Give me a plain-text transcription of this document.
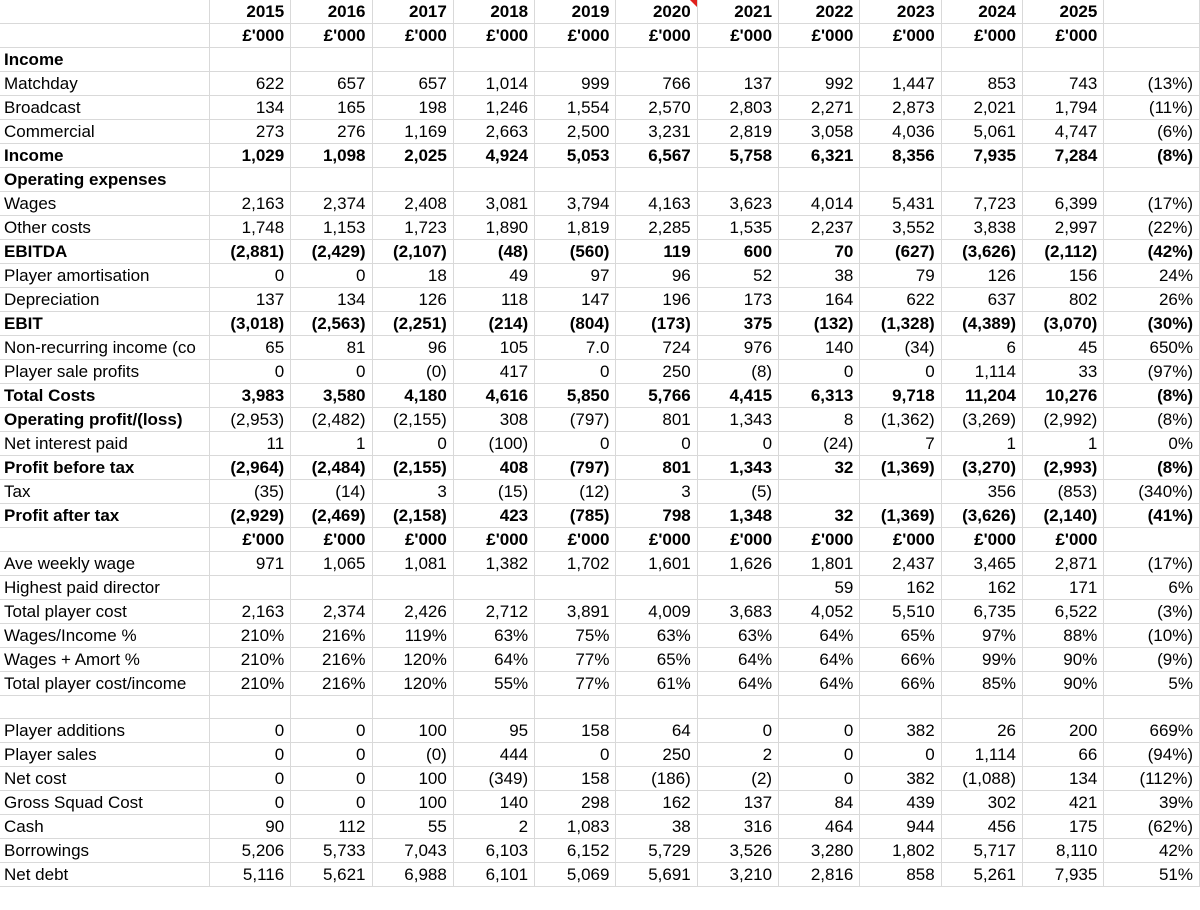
	2015	2016	2017	2018	2019	2020	2021	2022	2023	2024	2025	
	£'000	£'000	£'000	£'000	£'000	£'000	£'000	£'000	£'000	£'000	£'000	
Income												
Matchday	622	657	657	1,014	999	766	137	992	1,447	853	743	(13%)
Broadcast	134	165	198	1,246	1,554	2,570	2,803	2,271	2,873	2,021	1,794	(11%)
Commercial	273	276	1,169	2,663	2,500	3,231	2,819	3,058	4,036	5,061	4,747	(6%)
Income	1,029	1,098	2,025	4,924	5,053	6,567	5,758	6,321	8,356	7,935	7,284	(8%)
Operating expenses												
Wages	2,163	2,374	2,408	3,081	3,794	4,163	3,623	4,014	5,431	7,723	6,399	(17%)
Other costs	1,748	1,153	1,723	1,890	1,819	2,285	1,535	2,237	3,552	3,838	2,997	(22%)
EBITDA	(2,881)	(2,429)	(2,107)	(48)	(560)	119	600	70	(627)	(3,626)	(2,112)	(42%)
Player amortisation	0	0	18	49	97	96	52	38	79	126	156	24%
Depreciation	137	134	126	118	147	196	173	164	622	637	802	26%
EBIT	(3,018)	(2,563)	(2,251)	(214)	(804)	(173)	375	(132)	(1,328)	(4,389)	(3,070)	(30%)
Non-recurring income (co	65	81	96	105	7.0	724	976	140	(34)	6	45	650%
Player sale profits	0	0	(0)	417	0	250	(8)	0	0	1,114	33	(97%)
Total Costs	3,983	3,580	4,180	4,616	5,850	5,766	4,415	6,313	9,718	11,204	10,276	(8%)
Operating profit/(loss)	(2,953)	(2,482)	(2,155)	308	(797)	801	1,343	8	(1,362)	(3,269)	(2,992)	(8%)
Net interest paid	11	1	0	(100)	0	0	0	(24)	7	1	1	0%
Profit before tax	(2,964)	(2,484)	(2,155)	408	(797)	801	1,343	32	(1,369)	(3,270)	(2,993)	(8%)
Tax	(35)	(14)	3	(15)	(12)	3	(5)			356	(853)	(340%)
Profit after tax	(2,929)	(2,469)	(2,158)	423	(785)	798	1,348	32	(1,369)	(3,626)	(2,140)	(41%)
	£'000	£'000	£'000	£'000	£'000	£'000	£'000	£'000	£'000	£'000	£'000	
Ave weekly wage	971	1,065	1,081	1,382	1,702	1,601	1,626	1,801	2,437	3,465	2,871	(17%)
Highest paid director								59	162	162	171	6%
Total player cost	2,163	2,374	2,426	2,712	3,891	4,009	3,683	4,052	5,510	6,735	6,522	(3%)
Wages/Income %	210%	216%	119%	63%	75%	63%	63%	64%	65%	97%	88%	(10%)
Wages + Amort %	210%	216%	120%	64%	77%	65%	64%	64%	66%	99%	90%	(9%)
Total player cost/income	210%	216%	120%	55%	77%	61%	64%	64%	66%	85%	90%	5%

Player additions	0	0	100	95	158	64	0	0	382	26	200	669%
Player sales	0	0	(0)	444	0	250	2	0	0	1,114	66	(94%)
Net cost	0	0	100	(349)	158	(186)	(2)	0	382	(1,088)	134	(112%)
Gross Squad Cost	0	0	100	140	298	162	137	84	439	302	421	39%
Cash	90	112	55	2	1,083	38	316	464	944	456	175	(62%)
Borrowings	5,206	5,733	7,043	6,103	6,152	5,729	3,526	3,280	1,802	5,717	8,110	42%
Net debt	5,116	5,621	6,988	6,101	5,069	5,691	3,210	2,816	858	5,261	7,935	51%
